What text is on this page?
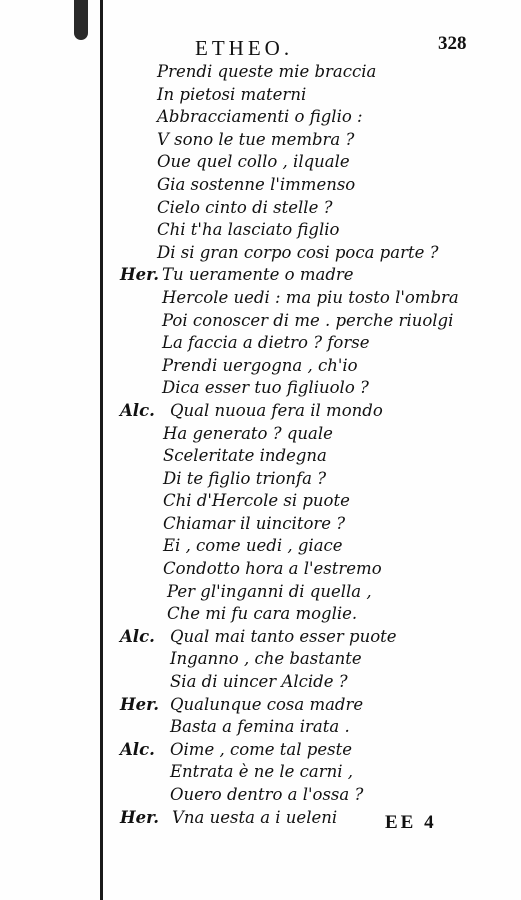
ETHEO.	328
Prendi queste mie braccia
In pietosi materni
Abbracciamenti o figlio :
V sono le tue membra ?
Oue quel collo , ilquale
Gia sostenne l'immenso
Cielo cinto di stelle ?
Chi t'ha lasciato figlio
Di si gran corpo cosi poca parte ?
Her. Tu ueramente o madre
Hercole uedi : ma piu tosto l'ombra
Poi conoscer di me . perche riuolgi
La faccia a dietro ? forse
Prendi uergogna , ch'io
Dica esser tuo figliuolo ?
Alc. Qual nuoua fera il mondo
Ha generato ? quale
Sceleritate indegna
Di te figlio trionfa ?
Chi d'Hercole si puote
Chiamar il uincitore ?
Ei , come uedi , giace
Condotto hora a l'estremo
Per gl'inganni di quella ,
Che mi fu cara moglie.
Alc. Qual mai tanto esser puote
Inganno , che bastante
Sia di uincer Alcide ?
Her. Qualunque cosa madre
Basta a femina irata .
Alc. Oime , come tal peste
Entrata è ne le carni ,
Ouero dentro a l'ossa ?
Her. Vna uesta a i ueleni	EE 4
